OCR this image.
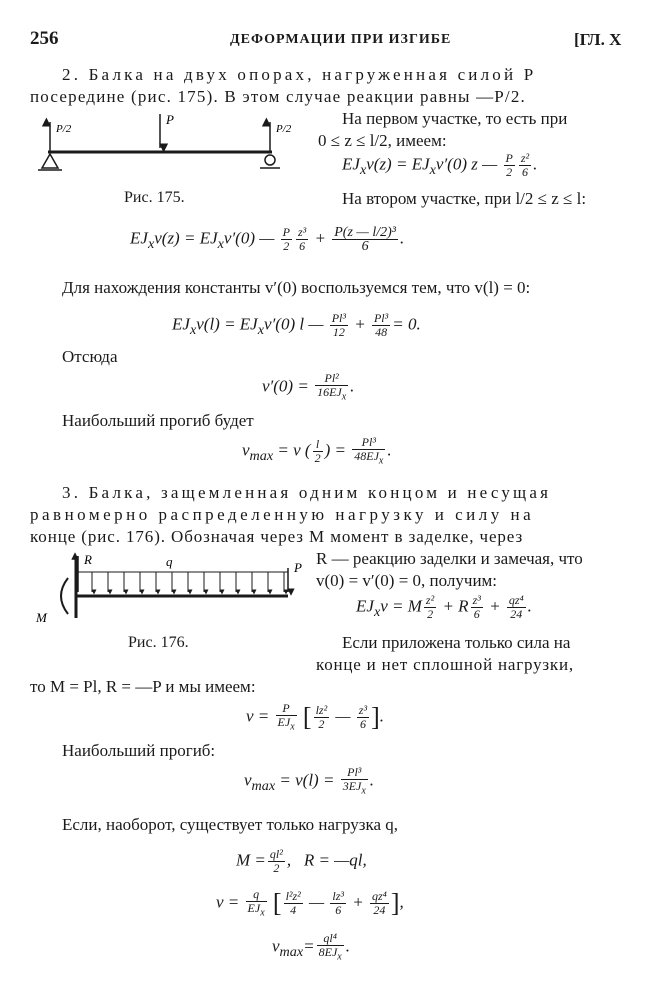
256	ДЕФОРМАЦИИ ПРИ ИЗГИБЕ	[ГЛ. X
2. Балка на двух опорах, нагруженная силой P
посередине (рис. 175). В этом случае реакции равны —P/2.
На первом участке, то есть при
0 ≤ z ≤ l/2, имеем:
P
P/2	P/2
Рис. 175.
$EJ_xv(z) = EJ_xv'(0)$ z — $\frac{P}{2} \frac{\text{z²}}{6}$ .
На втором участке, при l/2 ≤ z ≤ l:
$EJ_xv(z) = EJ_xv'(0)$ — $\frac{P}{2} \frac{\text{z³}}{6} + \frac{\text{P(z — l/2)³}}{6}$ .
Для нахождения константы v′(0) воспользуемся тем, что v(l) = 0:
$EJ_xv(l) = EJ_xv'(0)$ l — $\frac{\text{Pl³}}{12} + \frac{\text{Pl³}}{48} = 0$.
Отсюда
$v'(0) = \frac{\text{Pl²}}{16EJ_x}$ .
Наибольший прогиб будет
$v_{max} = v$ ( $\frac{l}{2}$ ) = $\frac{\text{Pl³}}{48EJ_x}$ .
3. Балка, защемленная одним концом и несущая
равномерно распределенную нагрузку и силу на
конце (рис. 176). Обозначая через M момент в заделке, через
R — реакцию заделки и замечая, что
v(0) = v′(0) = 0, получим:
R	q	P
M
$EJ_xv = M \frac{\text{z²}}{2} + R \frac{\text{z³}}{6} + \frac{\text{qz⁴}}{24}$ .
Рис. 176.	Если приложена только сила на
конце и нет сплошной нагрузки,
то M = Pl, R = —P и мы имеем:
$v = \frac{P}{EJ_x}$ [ $\frac{\text{lz²}}{2}$ — $\frac{\text{z³}}{6}$ ].
Наибольший прогиб:
$v_{max} = v(l) = \frac{\text{Pl³}}{3EJ_x}$ .
Если, наоборот, существует только нагрузка q,
$M = \frac{\text{ql²}}{2}$ ,   R = —ql,
$v = \frac{q}{EJ_x}$ [ $\frac{\text{l²z²}}{4}$ — $\frac{\text{lz³}}{6} + \frac{\text{qz⁴}}{24}$ ],
$v_{max}= \frac{\text{ql⁴}}{8EJ_x}$ .
